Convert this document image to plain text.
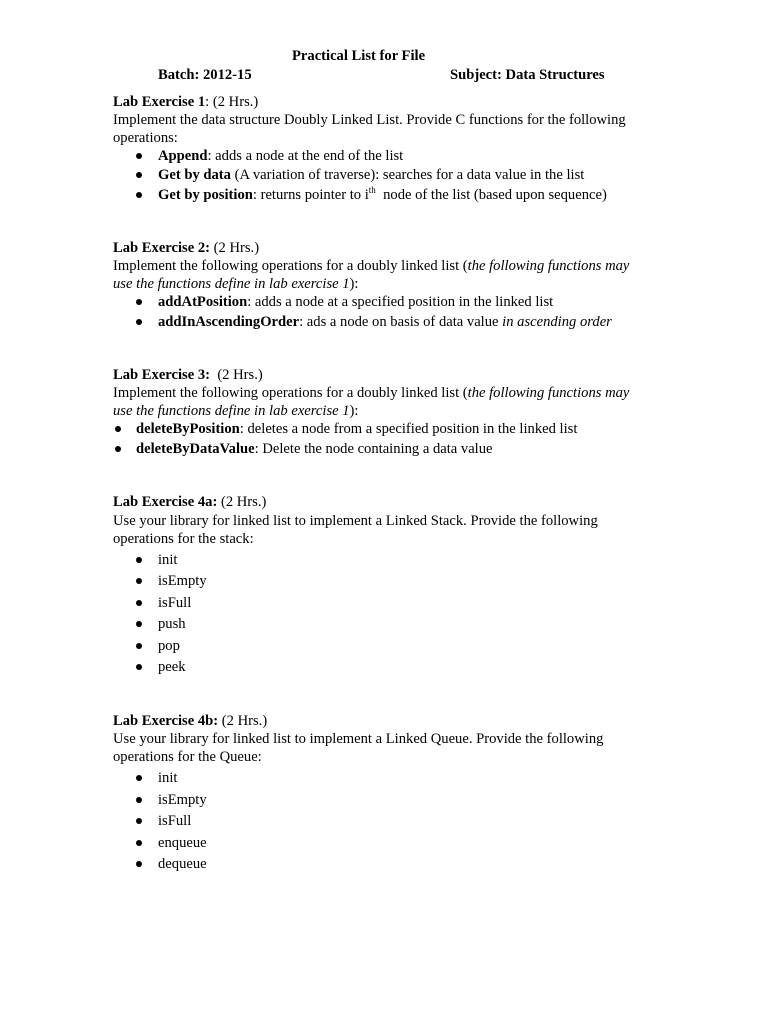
Practical List for File
Batch: 2012-15	Subject: Data Structures
Lab Exercise 1: (2 Hrs.)
Implement the data structure Doubly Linked List. Provide C functions for the following
operations:
Append: adds a node at the end of the list
Get by data (A variation of traverse): searches for a data value in the list
Get by position: returns pointer to $i^{th}$  node of the list (based upon sequence)
Lab Exercise 2: (2 Hrs.)
Implement the following operations for a doubly linked list (the following functions may
use the functions define in lab exercise 1):
addAtPosition: adds a node at a specified position in the linked list
addInAscendingOrder: ads a node on basis of data value in ascending order
Lab Exercise 3:  (2 Hrs.)
Implement the following operations for a doubly linked list (the following functions may
use the functions define in lab exercise 1):
deleteByPosition: deletes a node from a specified position in the linked list
deleteByDataValue: Delete the node containing a data value
Lab Exercise 4a: (2 Hrs.)
Use your library for linked list to implement a Linked Stack. Provide the following
operations for the stack:
init
isEmpty
isFull
push
pop
peek
Lab Exercise 4b: (2 Hrs.)
Use your library for linked list to implement a Linked Queue. Provide the following
operations for the Queue:
init
isEmpty
isFull
enqueue
dequeue
